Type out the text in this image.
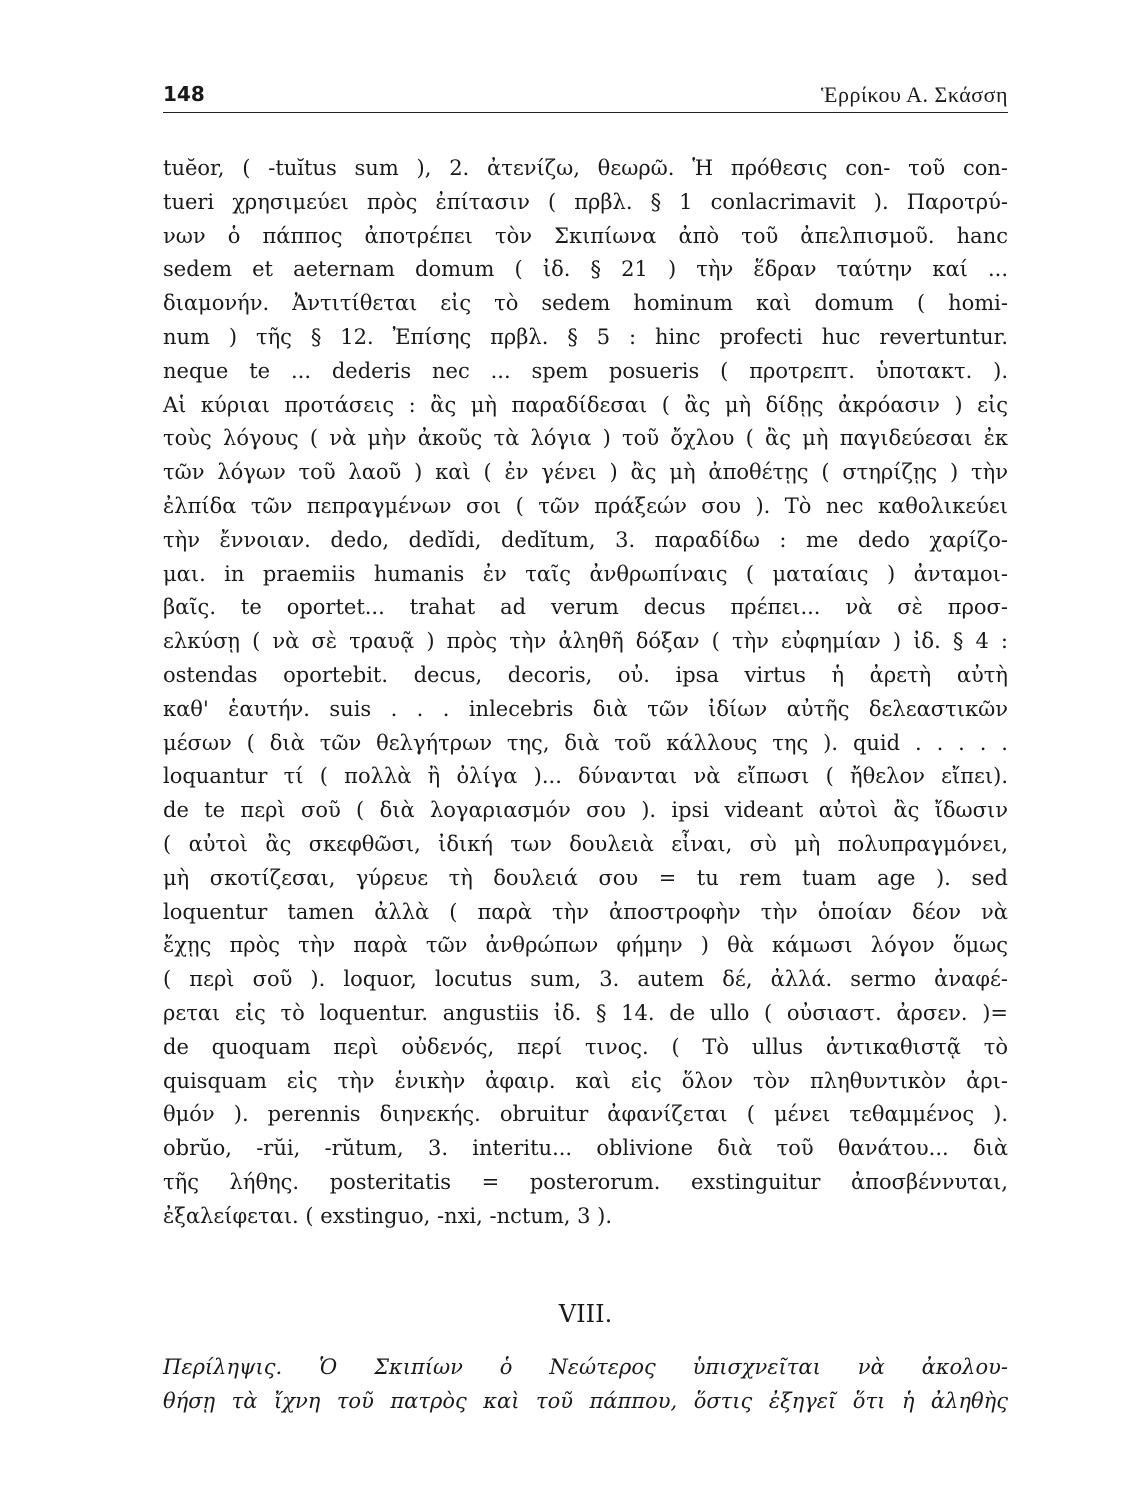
148	Ἑρρίκου Α. Σκάσση
tuĕor, ( -tuĭtus sum ), 2. ἀτενίζω, θεωρῶ. Ἡ πρόθεσις con- τοῦ con-
tueri χρησιμεύει πρὸς ἐπίτασιν ( πρβλ. § 1 conlacrimavit ). Παροτρύ-
νων ὁ πάππος ἀποτρέπει τὸν Σκιπίωνα ἀπὸ τοῦ ἀπελπισμοῦ. hanc
sedem et aeternam domum ( ἰδ. § 21 ) τὴν ἕδραν ταύτην καί ...
διαμονήν. Ἀντιτίθεται εἰς τὸ sedem hominum καὶ domum ( homi-
num ) τῆς § 12. Ἐπίσης πρβλ. § 5 : hinc profecti huc revertuntur.
neque te ... dederis nec ... spem posueris ( προτρεπτ. ὑποτακτ. ).
Αἱ κύριαι προτάσεις : ἂς μὴ παραδίδεσαι ( ἂς μὴ δίδῃς ἀκρόασιν ) εἰς
τοὺς λόγους ( νὰ μὴν ἀκοῦς τὰ λόγια ) τοῦ ὄχλου ( ἂς μὴ παγιδεύεσαι ἐκ
τῶν λόγων τοῦ λαοῦ ) καὶ ( ἐν γένει ) ἂς μὴ ἀποθέτῃς ( στηρίζῃς ) τὴν
ἐλπίδα τῶν πεπραγμένων σοι ( τῶν πράξεών σου ). Τὸ nec καθολικεύει
τὴν ἔννοιαν. dedo, dedĭdi, dedĭtum, 3. παραδίδω : me dedo χαρίζο-
μαι. in praemiis humanis ἐν ταῖς ἀνθρωπίναις ( ματαίαις ) ἀνταμοι-
βαῖς. te oportet... trahat ad verum decus πρέπει... νὰ σὲ προσ-
ελκύσῃ ( νὰ σὲ τραυᾷ ) πρὸς τὴν ἀληθῆ δόξαν ( τὴν εὐφημίαν ) ἰδ. § 4 :
ostendas oportebit. decus, decoris, οὐ. ipsa virtus ἡ ἀρετὴ αὐτὴ
καθ' ἑαυτήν. suis . . . inlecebris διὰ τῶν ἰδίων αὐτῆς δελεαστικῶν
μέσων ( διὰ τῶν θελγήτρων της, διὰ τοῦ κάλλους της ). quid . . . . .
loquantur τί ( πολλὰ ἢ ὀλίγα )... δύνανται νὰ εἴπωσι ( ἤθελον εἴπει).
de te περὶ σοῦ ( διὰ λογαριασμόν σου ). ipsi videant αὐτοὶ ἂς ἴδωσιν
( αὐτοὶ ἂς σκεφθῶσι, ἰδική των δουλειὰ εἶναι, σὺ μὴ πολυπραγμόνει,
μὴ σκοτίζεσαι, γύρευε τὴ δουλειά σου = tu rem tuam age ). sed
loquentur tamen ἀλλὰ ( παρὰ τὴν ἀποστροφὴν τὴν ὁποίαν δέον νὰ
ἔχῃς πρὸς τὴν παρὰ τῶν ἀνθρώπων φήμην ) θὰ κάμωσι λόγον ὅμως
( περὶ σοῦ ). loquor, locutus sum, 3. autem δέ, ἀλλά. sermo ἀναφέ-
ρεται εἰς τὸ loquentur. angustiis ἰδ. § 14. de ullo ( οὐσιαστ. ἀρσεν. )=
de quoquam περὶ οὐδενός, περί τινος. ( Τὸ ullus ἀντικαθιστᾷ τὸ
quisquam εἰς τὴν ἑνικὴν ἀφαιρ. καὶ εἰς ὅλον τὸν πληθυντικὸν ἀρι-
θμόν ). perennis διηνεκής. obruitur ἀφανίζεται ( μένει τεθαμμένος ).
obrŭo, -rŭi, -rŭtum, 3. interitu... oblivione διὰ τοῦ θανάτου... διὰ
τῆς λήθης. posteritatis = posterorum. exstinguitur ἀποσβέννυται,
ἐξαλείφεται. ( exstinguo, -nxi, -nctum, 3 ).
VIII.
Περίληψις. Ὁ Σκιπίων ὁ Νεώτερος ὑπισχνεῖται νὰ ἀκολου-
θήσῃ τὰ ἴχνη τοῦ πατρὸς καὶ τοῦ πάππου, ὅστις ἐξηγεῖ ὅτι ἡ ἀληθὴς
